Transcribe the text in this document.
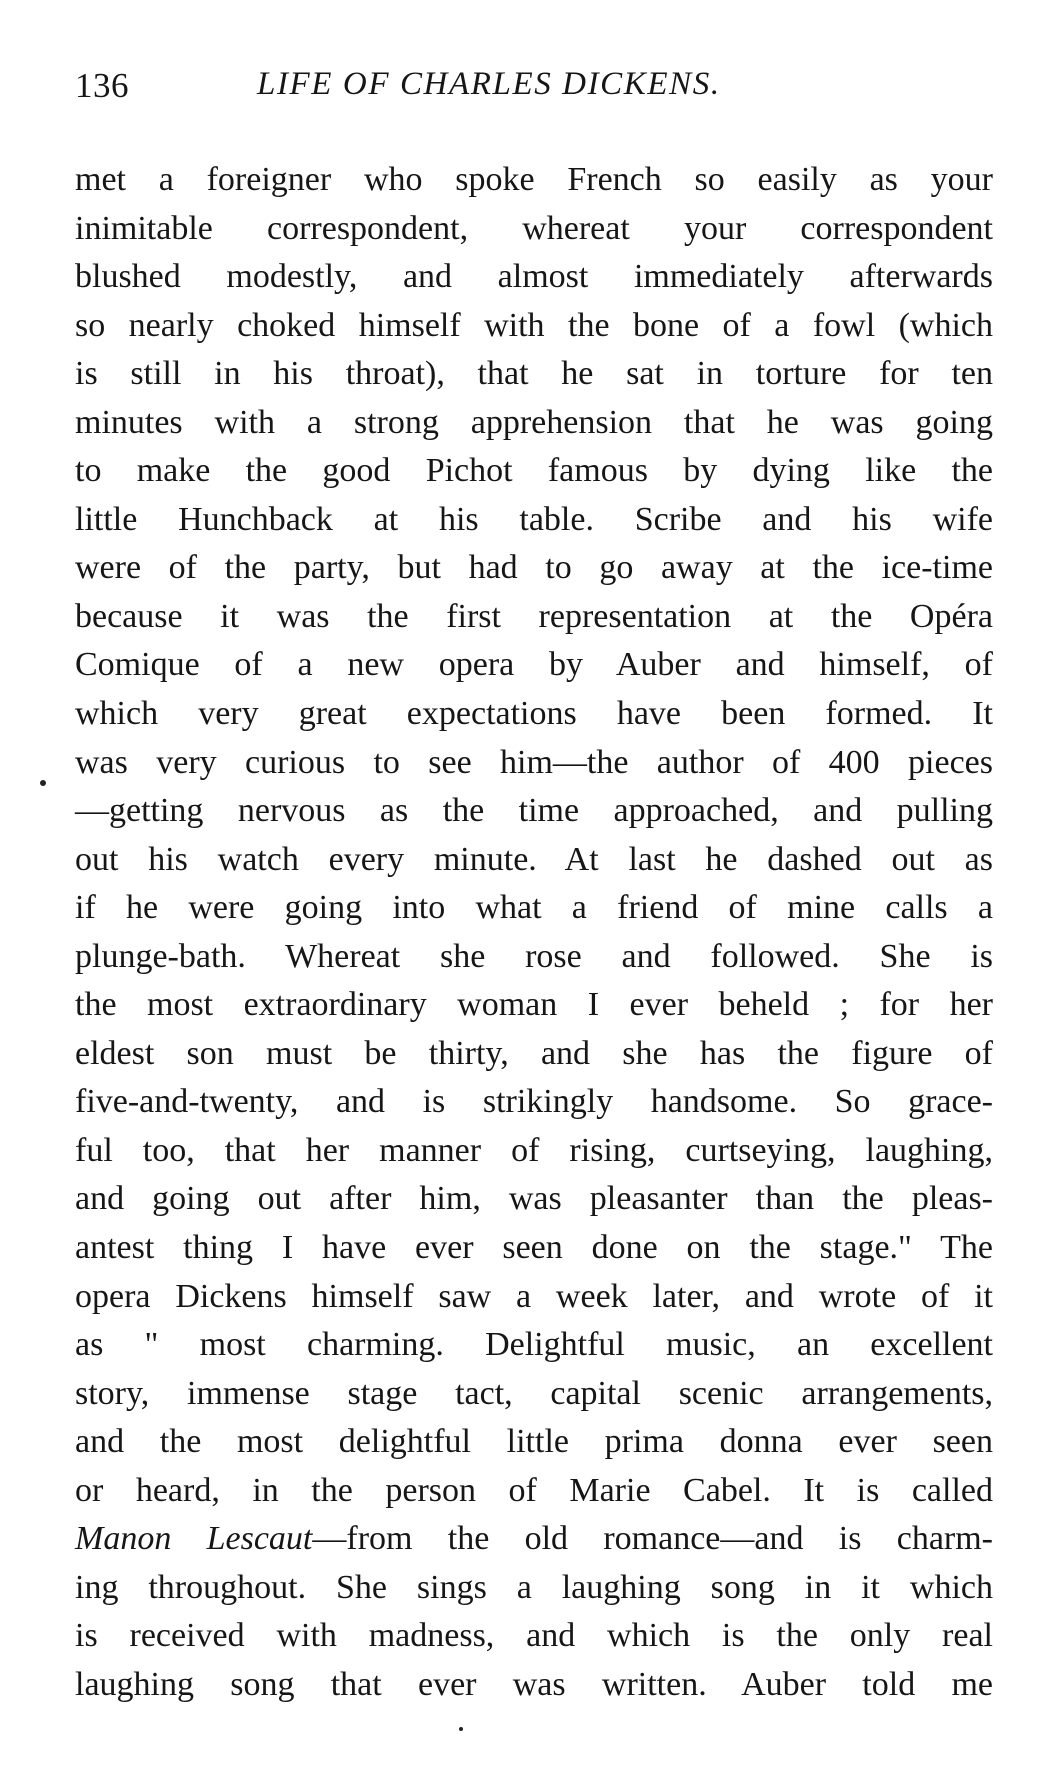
136	LIFE OF CHARLES DICKENS.
met a foreigner who spoke French so easily as your
inimitable correspondent, whereat your correspondent
blushed modestly, and almost immediately afterwards
so nearly choked himself with the bone of a fowl (which
is still in his throat), that he sat in torture for ten
minutes with a strong apprehension that he was going
to make the good Pichot famous by dying like the
little Hunchback at his table. Scribe and his wife
were of the party, but had to go away at the ice-time
because it was the first representation at the Opéra
Comique of a new opera by Auber and himself, of
which very great expectations have been formed. It
was very curious to see him—the author of 400 pieces
—getting nervous as the time approached, and pulling
out his watch every minute. At last he dashed out as
if he were going into what a friend of mine calls a
plunge-bath. Whereat she rose and followed. She is
the most extraordinary woman I ever beheld ; for her
eldest son must be thirty, and she has the figure of
five-and-twenty, and is strikingly handsome. So grace-
ful too, that her manner of rising, curtseying, laughing,
and going out after him, was pleasanter than the pleas-
antest thing I have ever seen done on the stage." The
opera Dickens himself saw a week later, and wrote of it
as " most charming. Delightful music, an excellent
story, immense stage tact, capital scenic arrangements,
and the most delightful little prima donna ever seen
or heard, in the person of Marie Cabel. It is called
Manon Lescaut—from the old romance—and is charm-
ing throughout. She sings a laughing song in it which
is received with madness, and which is the only real
laughing song that ever was written. Auber told me
